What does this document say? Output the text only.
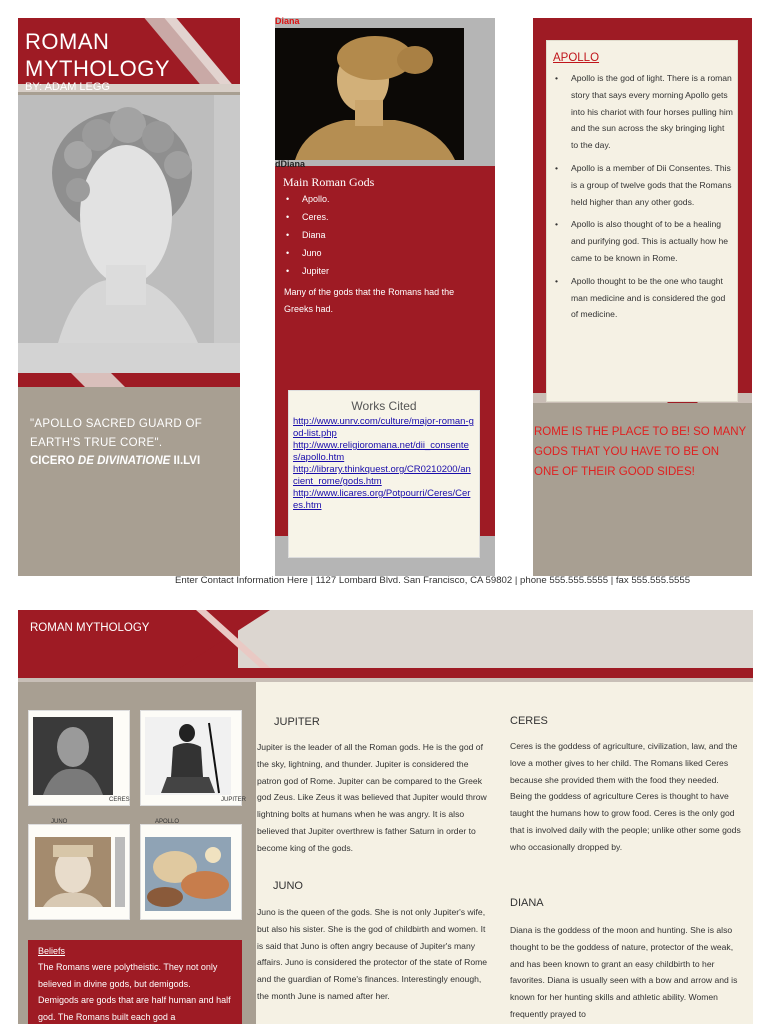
ROMAN
MYTHOLOGY
BY: ADAM LEGG
"APOLLO SACRED GUARD OF EARTH'S TRUE CORE".
CICERO DE DIVINATIONE II.LVI
Diana
dDiana
Main Roman Gods
• Apollo.
• Ceres.
• Diana
• Juno
• Jupiter
Many of the gods that the Romans had the Greeks had.
Works Cited
http://www.unrv.com/culture/major-roman-god-list.php
http://www.religioromana.net/dii_consentes/apollo.htm
http://library.thinkquest.org/CR0210200/ancient_rome/gods.htm
http://www.licares.org/Potpourri/Ceres/Ceres.htm
APOLLO
• Apollo is the god of light. There is a roman story that says every morning Apollo gets into his chariot with four horses pulling him and the sun across the sky bringing light to the day.
• Apollo is a member of Dii Consentes. This is a group of twelve gods that the Romans held higher than any other gods.
• Apollo is also thought of to be a healing and purifying god. This is actually how he came to be known in Rome.
• Apollo thought to be the one who taught man medicine and is considered the god of medicine.
ROME IS THE PLACE TO BE! SO MANY GODS THAT YOU HAVE TO BE ON ONE OF THEIR GOOD SIDES!
Enter Contact Information Here | 1127 Lombard Blvd. San Francisco, CA 59802 | phone 555.555.5555 | fax 555.555.5555
ROMAN MYTHOLOGY
CERES	JUPITER
JUNO	APOLLO
Beliefs
The Romans were polytheistic. They not only believed in divine gods, but demigods. Demigods are gods that are half human and half god. The Romans built each god a
JUPITER
Jupiter is the leader of all the Roman gods. He is the god of the sky, lightning, and thunder. Jupiter is considered the patron god of Rome. Jupiter can be compared to the Greek god Zeus. Like Zeus it was believed that Jupiter would throw lightning bolts at humans when he was angry. It is also believed that Jupiter overthrew is father Saturn in order to become king of the gods.
JUNO
Juno is the queen of the gods. She is not only Jupiter's wife, but also his sister. She is the god of childbirth and women. It is said that Juno is often angry because of Jupiter's many affairs. Juno is considered the protector of the state of Rome and the guardian of Rome's finances. Interestingly enough, the month June is named after her.
CERES
Ceres is the goddess of agriculture, civilization, law, and the love a mother gives to her child. The Romans liked Ceres because she provided them with the food they needed. Being the goddess of agriculture Ceres is thought to have taught the humans how to grow food. Ceres is the only god that is involved daily with the people; unlike other some gods who occasionally dropped by.
DIANA
Diana is the goddess of the moon and hunting. She is also thought to be the goddess of nature, protector of the weak, and has been known to grant an easy childbirth to her favorites. Diana is usually seen with a bow and arrow and is known for her hunting skills and athletic ability. Women frequently prayed to
